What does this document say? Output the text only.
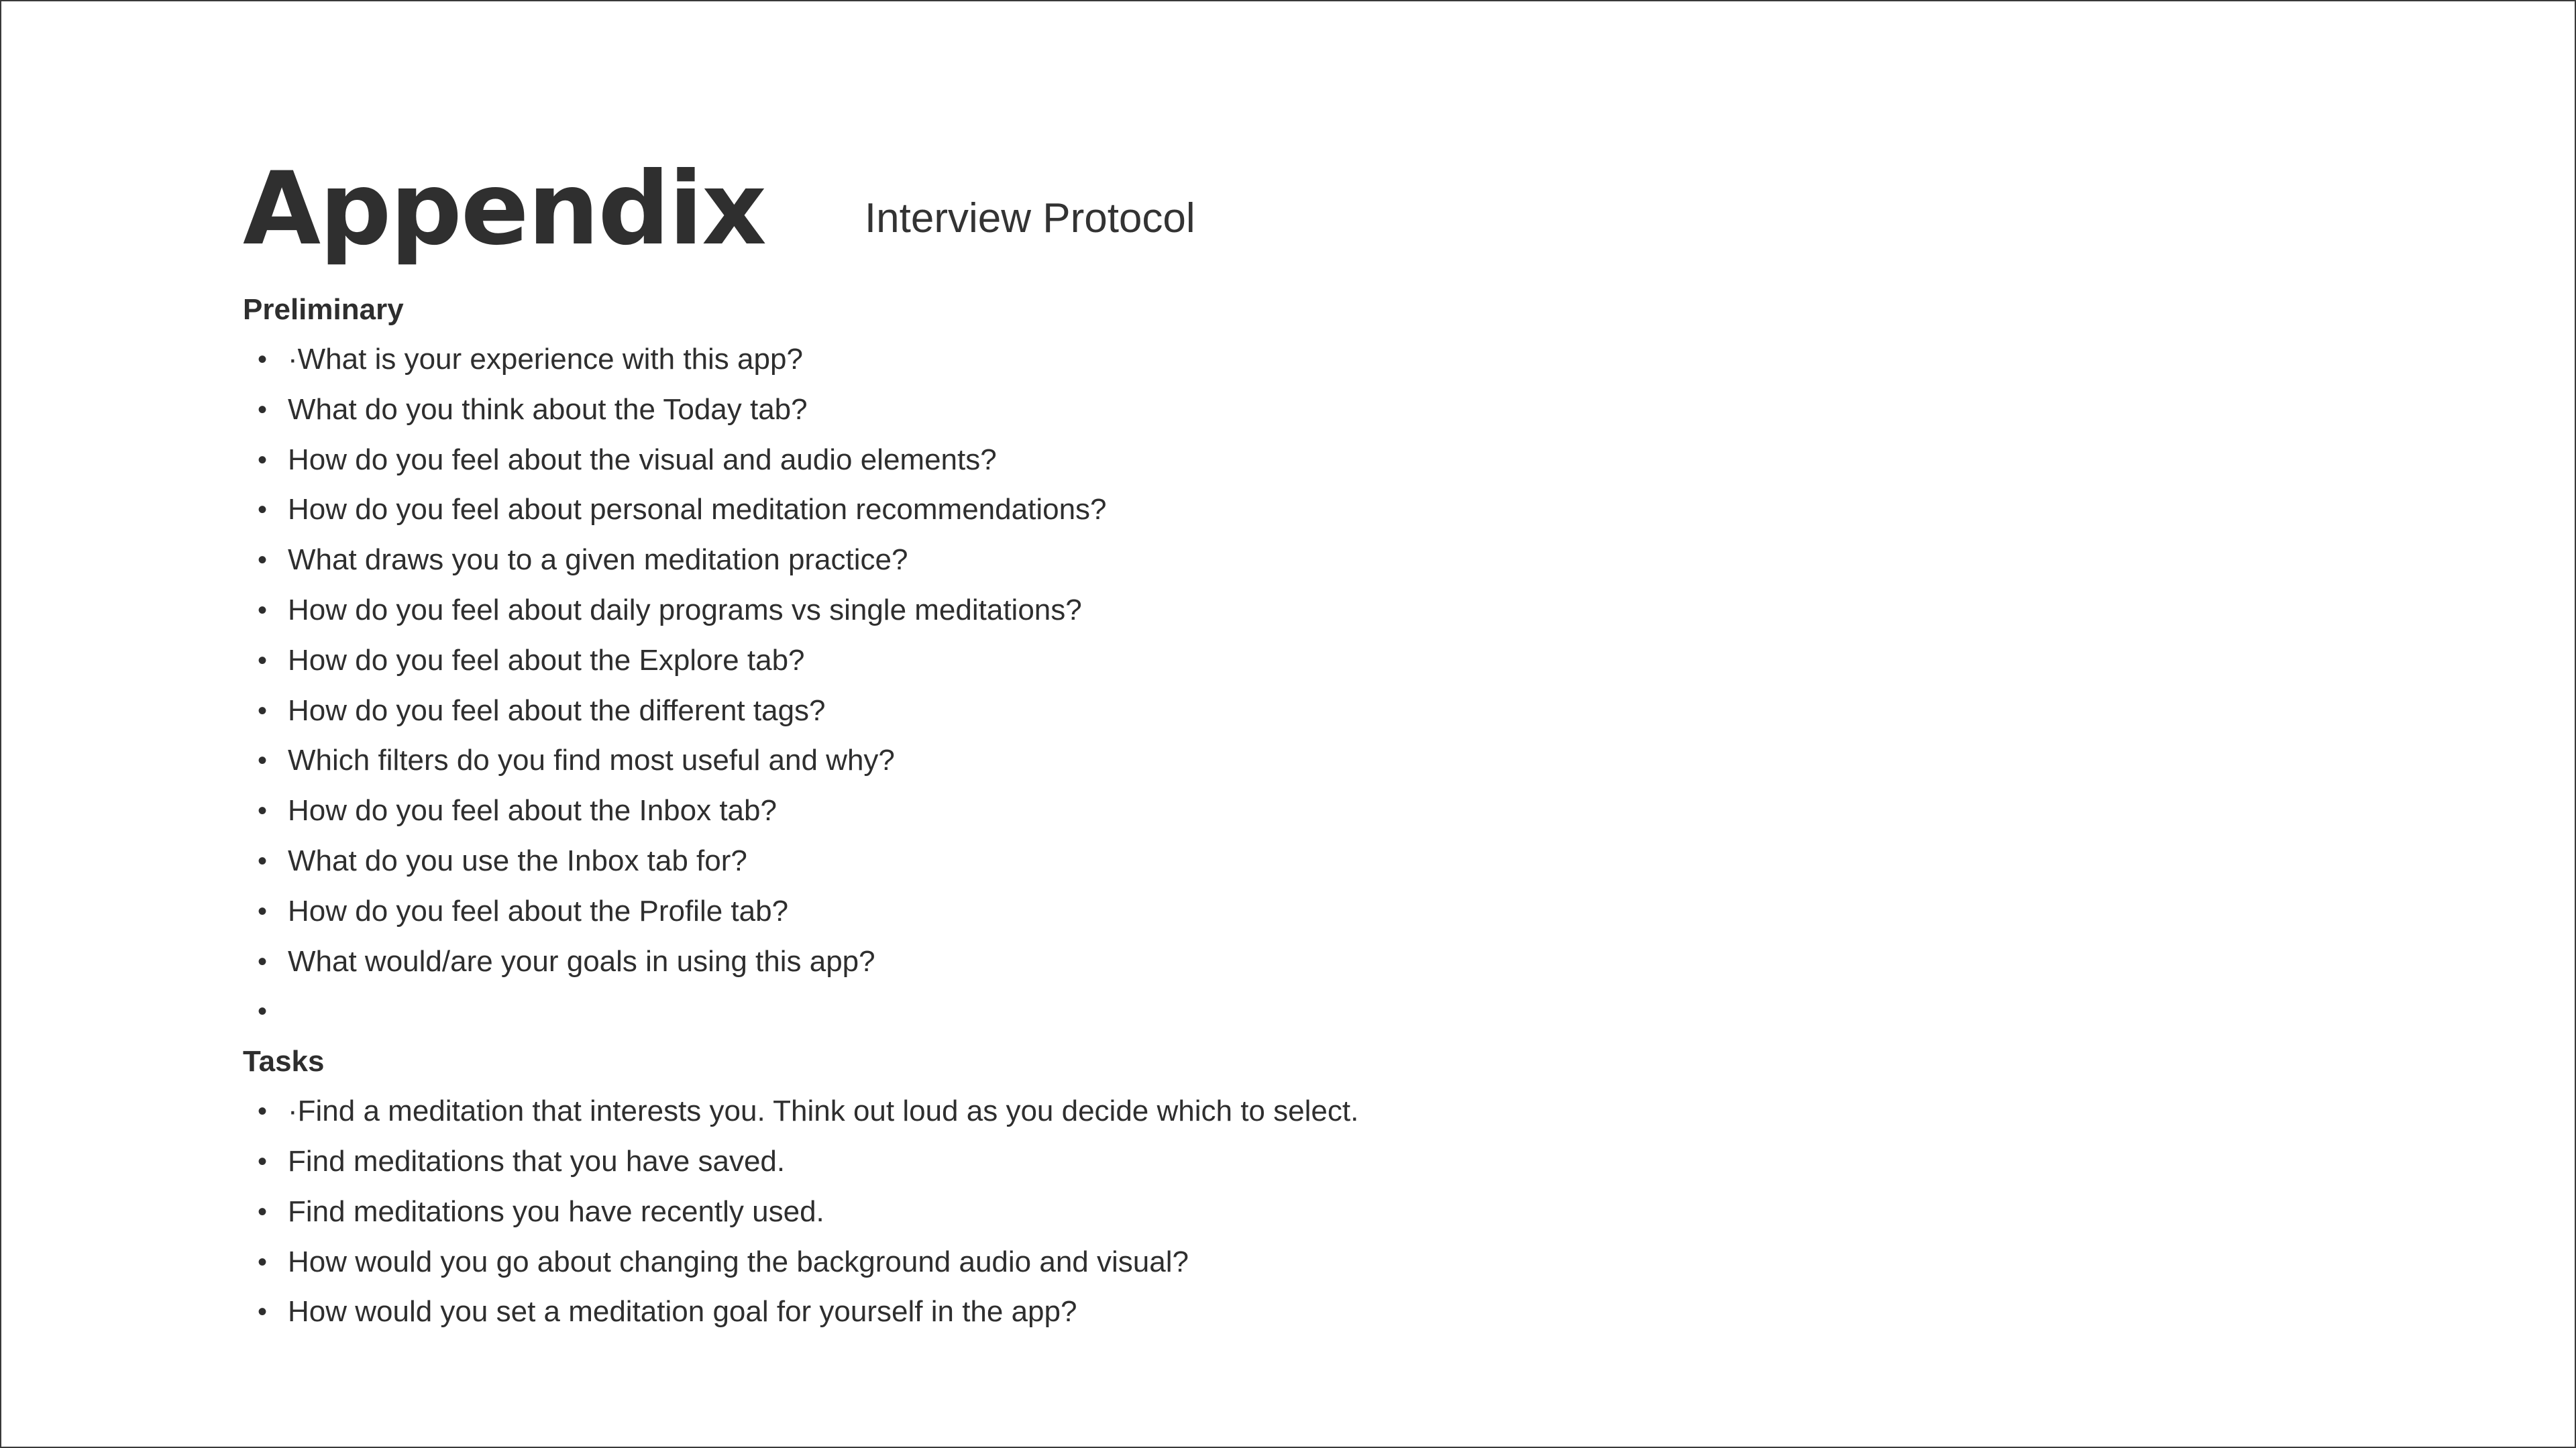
Appendix Interview Protocol
Preliminary
• ·What is your experience with this app?
• What do you think about the Today tab?
• How do you feel about the visual and audio elements?
• How do you feel about personal meditation recommendations?
• What draws you to a given meditation practice?
• How do you feel about daily programs vs single meditations?
• How do you feel about the Explore tab?
• How do you feel about the different tags?
• Which filters do you find most useful and why?
• How do you feel about the Inbox tab?
• What do you use the Inbox tab for?
• How do you feel about the Profile tab?
• What would/are your goals in using this app?
•
Tasks
• ·Find a meditation that interests you. Think out loud as you decide which to select.
• Find meditations that you have saved.
• Find meditations you have recently used.
• How would you go about changing the background audio and visual?
• How would you set a meditation goal for yourself in the app?
